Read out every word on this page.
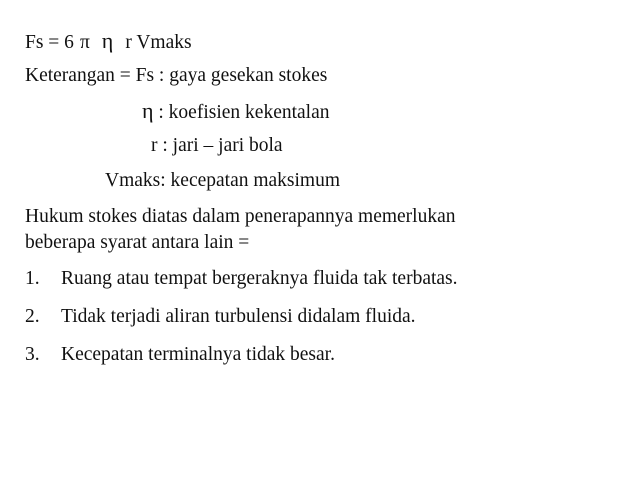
Fs = 6 π η r Vmaks
Keterangan = Fs : gaya gesekan stokes
η : koefisien kekentalan
r : jari – jari bola
Vmaks: kecepatan maksimum
Hukum stokes diatas dalam penerapannya memerlukan
beberapa syarat antara lain =
1. Ruang atau tempat bergeraknya fluida tak terbatas.
2. Tidak terjadi aliran turbulensi didalam fluida.
3. Kecepatan terminalnya tidak besar.
